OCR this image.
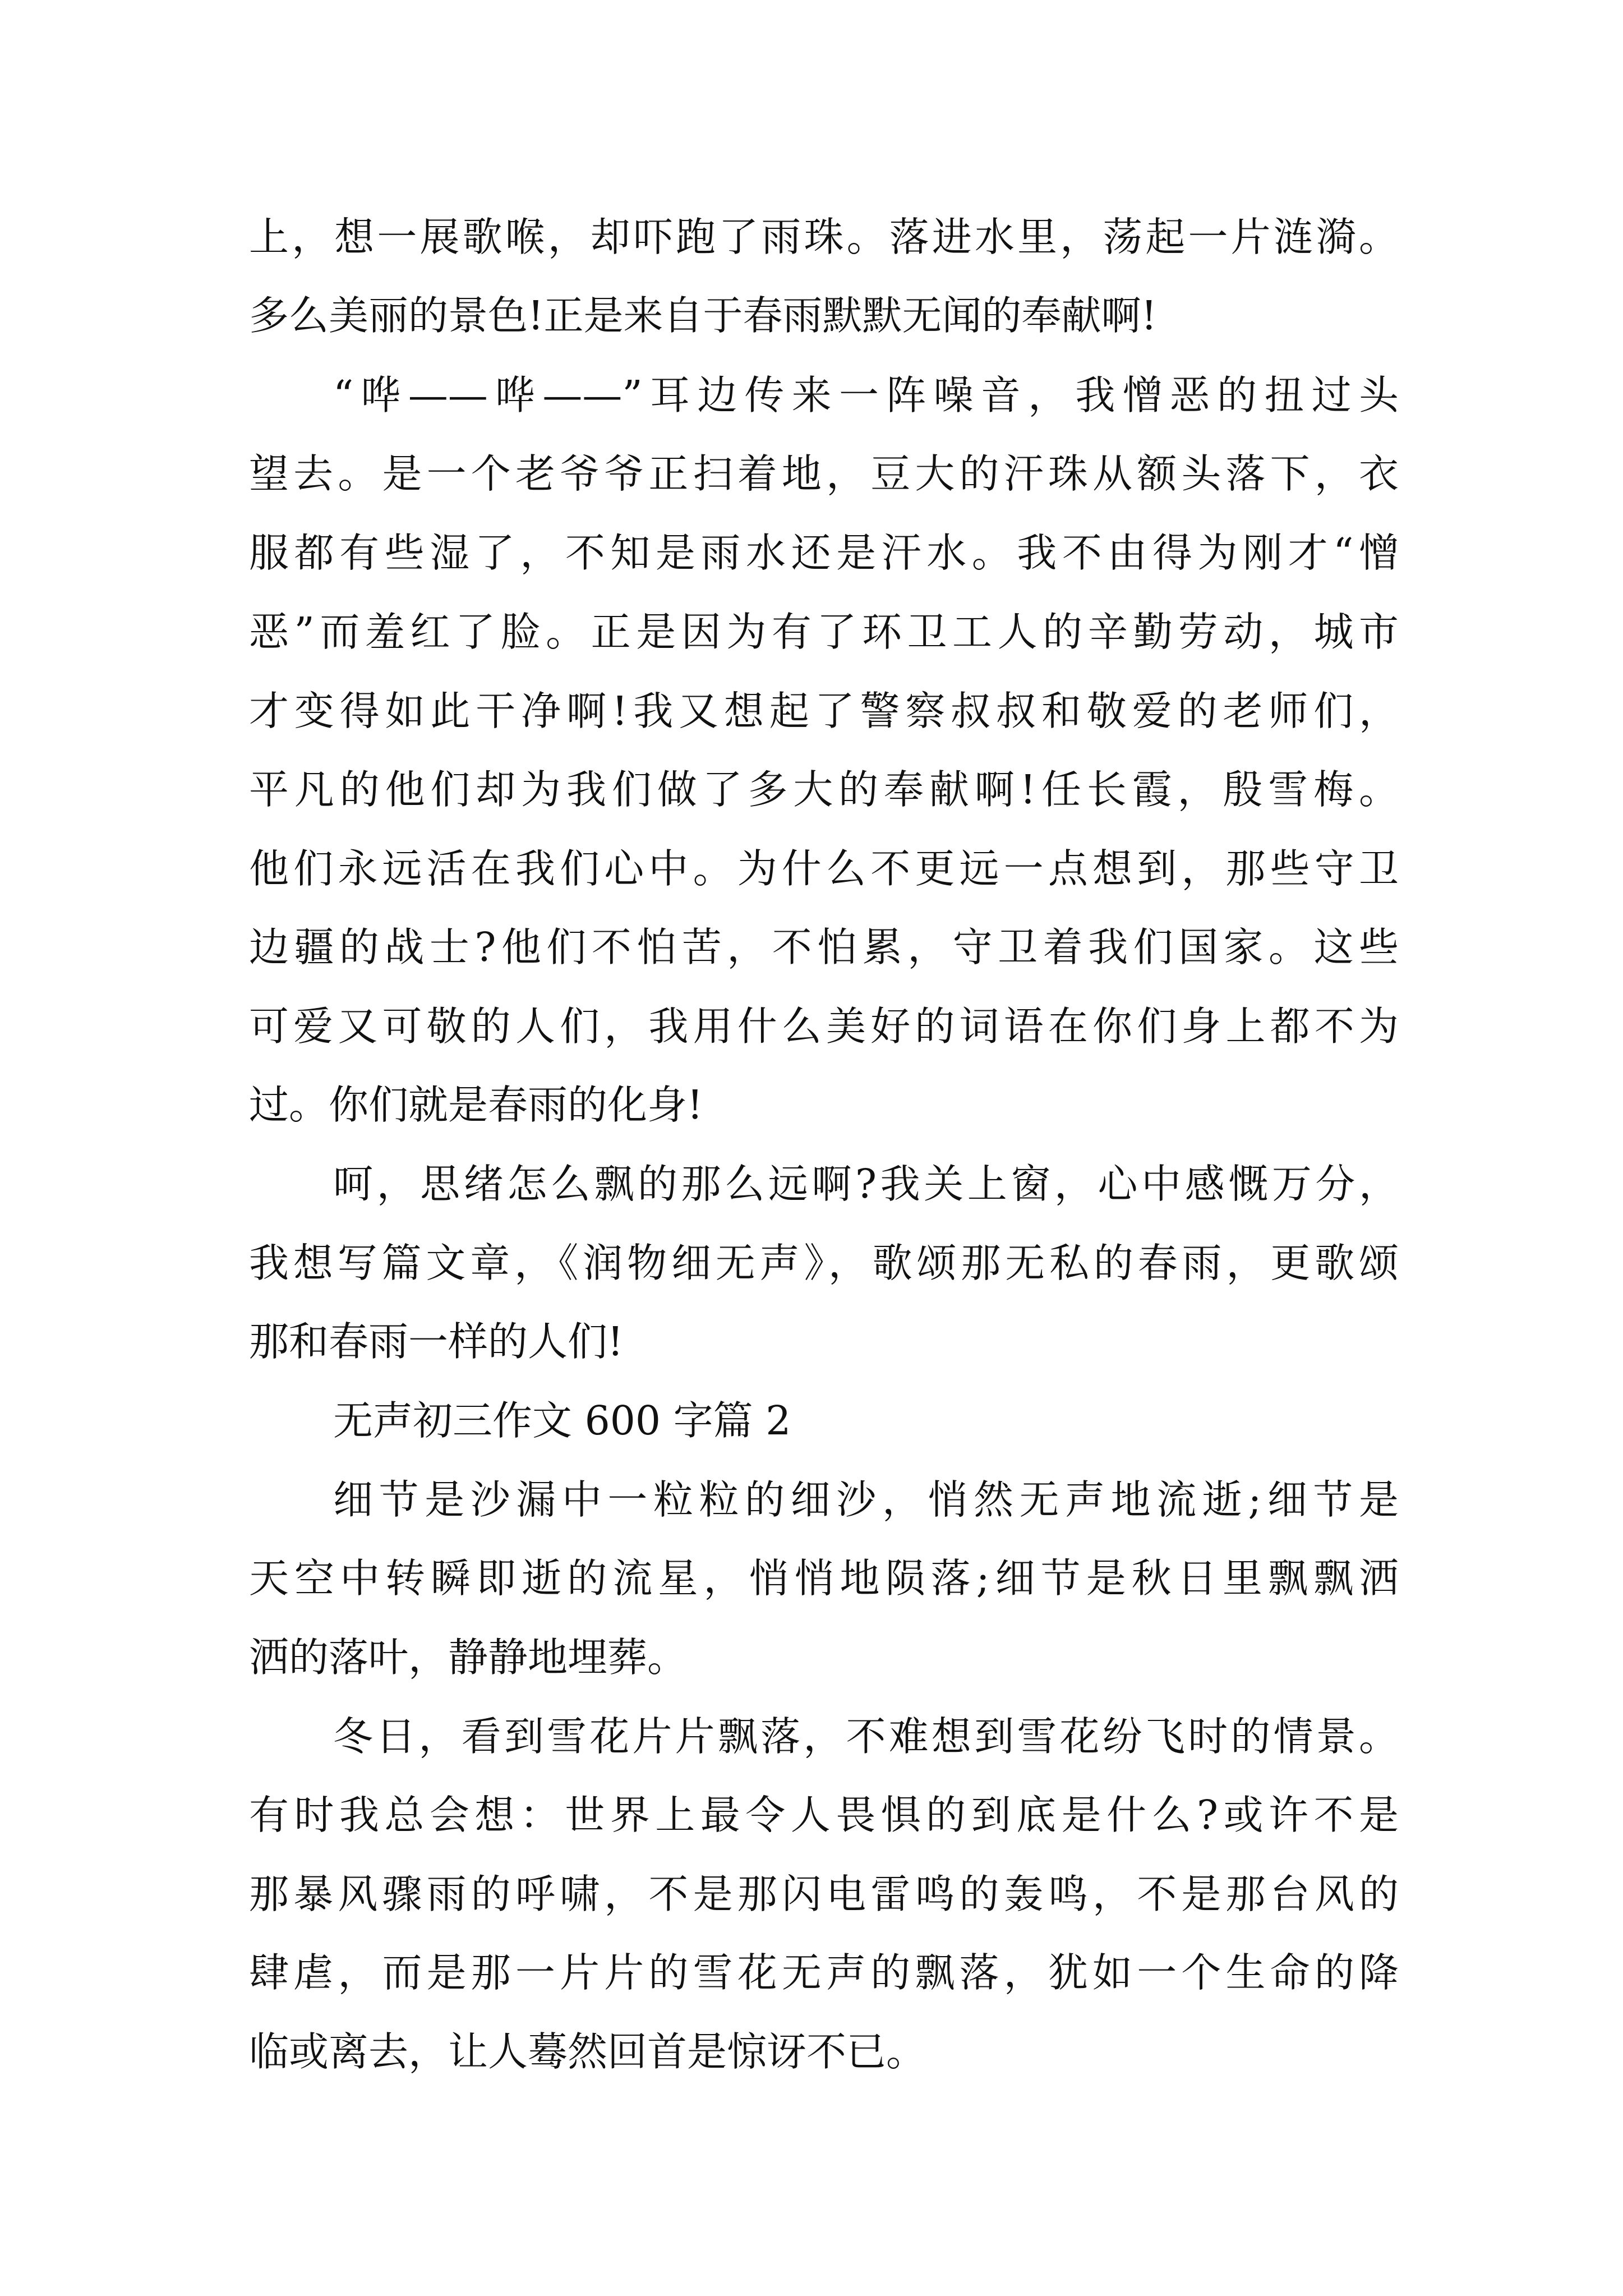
上，想一展歌喉，却吓跑了雨珠。落进水里，荡起一片涟漪。
多么美丽的景色!正是来自于春雨默默无闻的奉献啊!
“哗——哗——”耳边传来一阵噪音，我憎恶的扭过头
望去。是一个老爷爷正扫着地，豆大的汗珠从额头落下，衣
服都有些湿了，不知是雨水还是汗水。我不由得为刚才“憎
恶”而羞红了脸。正是因为有了环卫工人的辛勤劳动，城市
才变得如此干净啊!我又想起了警察叔叔和敬爱的老师们，
平凡的他们却为我们做了多大的奉献啊!任长霞，殷雪梅。
他们永远活在我们心中。为什么不更远一点想到，那些守卫
边疆的战士?他们不怕苦，不怕累，守卫着我们国家。这些
可爱又可敬的人们，我用什么美好的词语在你们身上都不为
过。你们就是春雨的化身!
呵，思绪怎么飘的那么远啊?我关上窗，心中感慨万分，
我想写篇文章，《润物细无声》，歌颂那无私的春雨，更歌颂
那和春雨一样的人们!
无声初三作文 600 字篇 2
细节是沙漏中一粒粒的细沙，悄然无声地流逝;细节是
天空中转瞬即逝的流星，悄悄地陨落;细节是秋日里飘飘洒
洒的落叶，静静地埋葬。
冬日，看到雪花片片飘落，不难想到雪花纷飞时的情景。
有时我总会想：世界上最令人畏惧的到底是什么?或许不是
那暴风骤雨的呼啸，不是那闪电雷鸣的轰鸣，不是那台风的
肆虐，而是那一片片的雪花无声的飘落，犹如一个生命的降
临或离去，让人蓦然回首是惊讶不已。
